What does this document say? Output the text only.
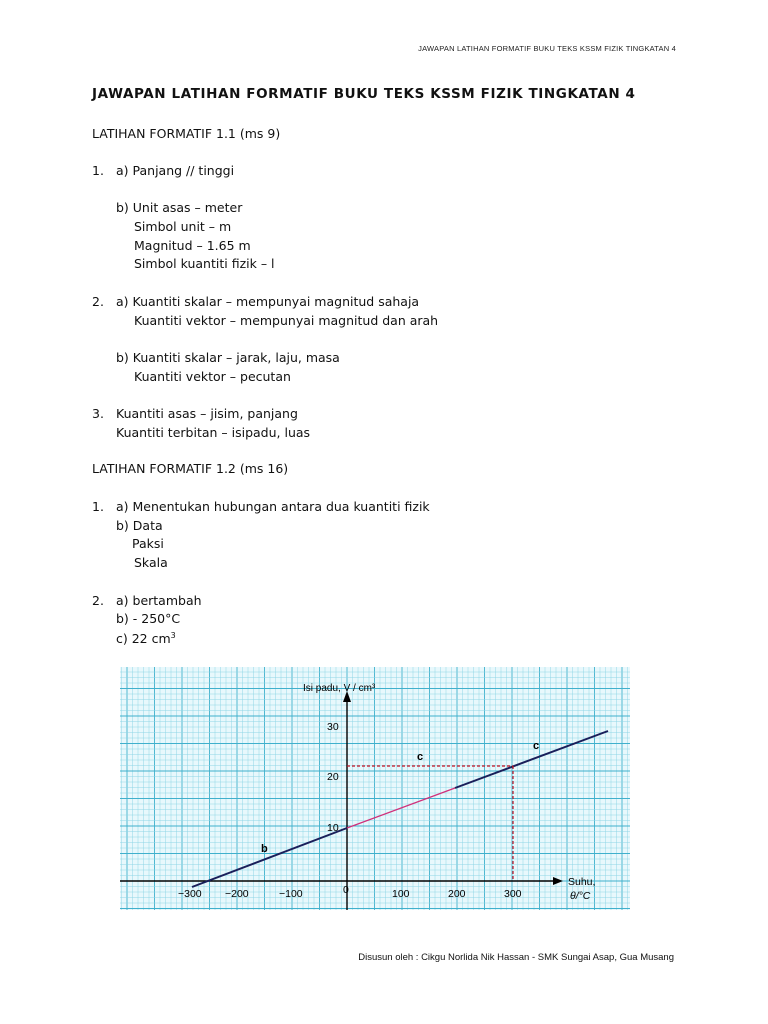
JAWAPAN LATIHAN FORMATIF BUKU TEKS KSSM FIZIK TINGKATAN 4
JAWAPAN LATIHAN FORMATIF BUKU TEKS KSSM FIZIK TINGKATAN 4
LATIHAN FORMATIF 1.1 (ms 9)
1. a) Panjang // tinggi
b) Unit asas – meter
Simbol unit – m
Magnitud – 1.65 m
Simbol kuantiti fizik – l
2. a) Kuantiti skalar – mempunyai magnitud sahaja
Kuantiti vektor – mempunyai magnitud dan arah
b) Kuantiti skalar – jarak, laju, masa
Kuantiti vektor – pecutan
3. Kuantiti asas – jisim, panjang
Kuantiti terbitan – isipadu, luas
LATIHAN FORMATIF 1.2 (ms 16)
1. a) Menentukan hubungan antara dua kuantiti fizik
b) Data
Paksi
Skala
2. a) bertambah
b) - 250°C
c) 22 $cm^3$
−300 −200	−100	0	100	200	300
30
20
10
Isi padu, V / cm³
Suhu,
θ/°C
b
c
c
Disusun oleh : Cikgu Norlida Nik Hassan - SMK Sungai Asap, Gua Musang
